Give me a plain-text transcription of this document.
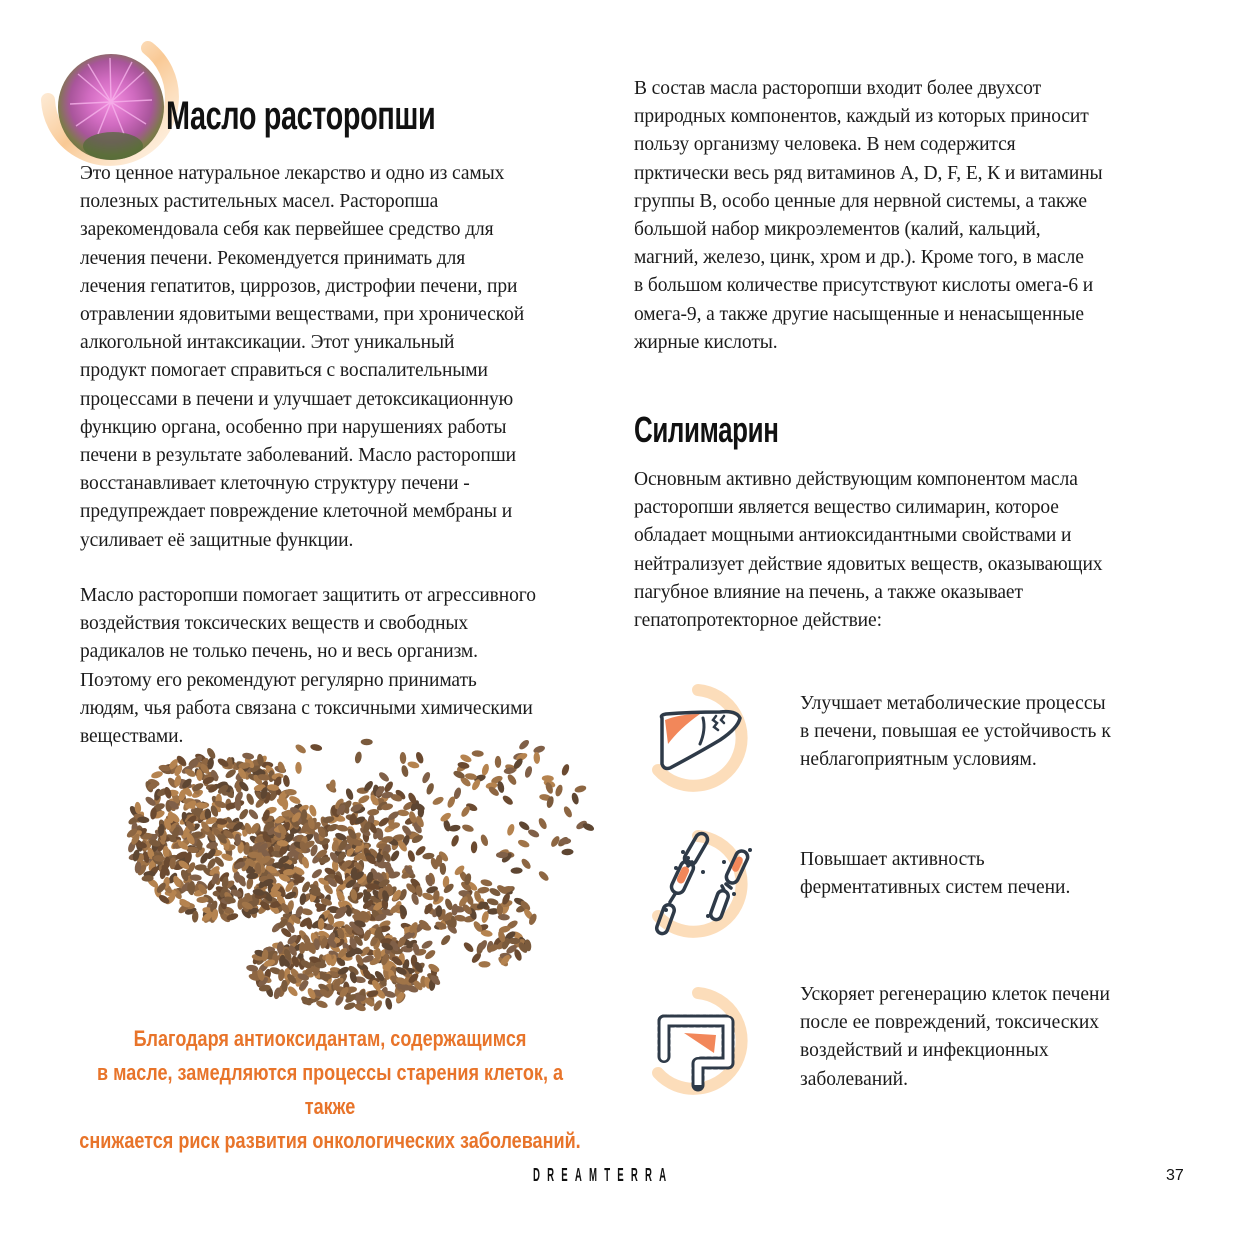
Масло расторопши
Это ценное натуральное лекарство и одно из самых
полезных растительных масел. Расторопша
зарекомендовала себя как первейшее средство для
лечения печени. Рекомендуется принимать для
лечения гепатитов, циррозов, дистрофии печени, при
отравлении ядовитыми веществами, при хронической
алкогольной интаксикации. Этот уникальный
продукт помогает справиться с воспалительными
процессами в печени и улучшает детоксикационную
функцию органа, особенно при нарушениях работы
печени в результате заболеваний. Масло расторопши
восстанавливает клеточную структуру печени -
предупреждает повреждение клеточной мембраны и
усиливает её защитные функции.
Масло расторопши помогает защитить от агрессивного
воздействия токсических веществ и свободных
радикалов не только печень, но и весь организм.
Поэтому его рекомендуют регулярно принимать
людям, чья работа связана с токсичными химическими
веществами.
Благодаря антиоксидантам, содержащимся
в масле, замедляются процессы старения клеток, а также
снижается риск развития онкологических заболеваний.
В состав масла расторопши входит более двухсот
природных компонентов, каждый из которых приносит
пользу организму человека. В нем содержится
прктически весь ряд витаминов A, D, F, E, К и витамины
группы В, особо ценные для нервной системы, а также
большой набор микроэлементов (калий, кальций,
магний, железо, цинк, хром и др.). Кроме того, в масле
в большом количестве присутствуют кислоты омега-6 и
омега-9, а также другие насыщенные и ненасыщенные
жирные кислоты.
Силимарин
Основным активно действующим компонентом масла
расторопши является вещество силимарин, которое
обладает мощными антиоксидантными свойствами и
нейтрализует действие ядовитых веществ, оказывающих
пагубное влияние на печень, а также оказывает
гепатопротекторное действие:
Улучшает метаболические процессы
в печени, повышая ее устойчивость к
неблагоприятным условиям.
Повышает активность
ферментативных систем печени.
Ускоряет регенерацию клеток печени
после ее повреждений, токсических
воздействий и инфекционных
заболеваний.
DREAMTERRA	37
